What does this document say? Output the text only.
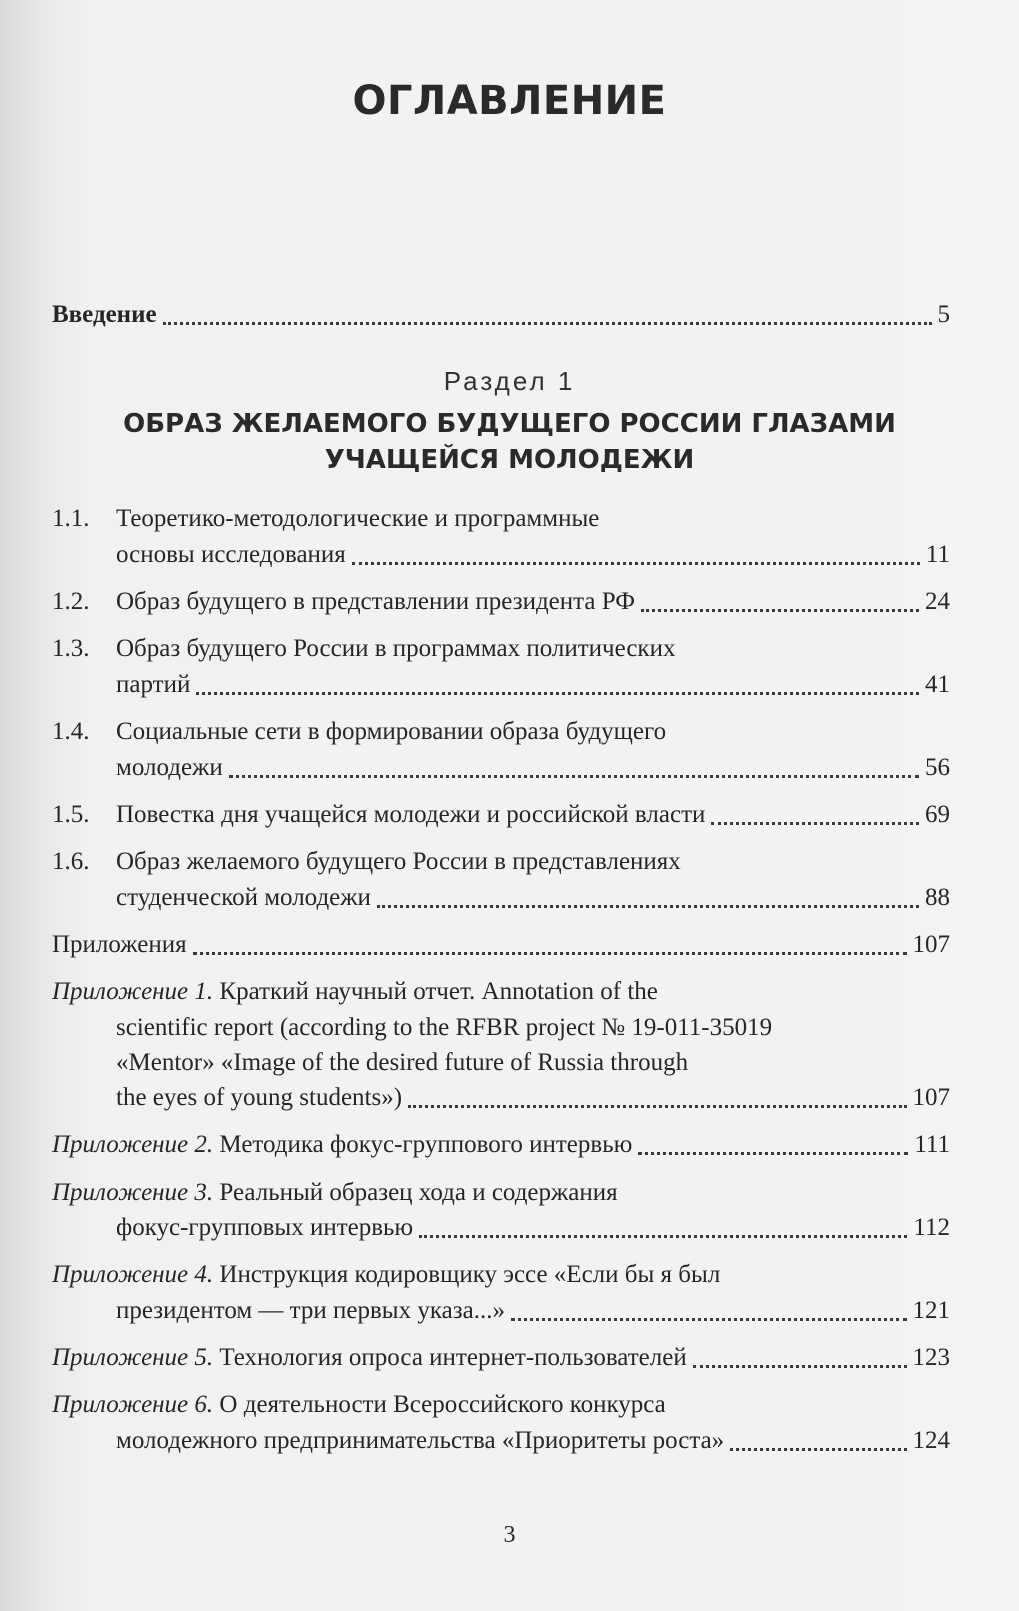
ОГЛАВЛЕНИЕ
Введение	5
Раздел 1
ОБРАЗ ЖЕЛАЕМОГО БУДУЩЕГО РОССИИ ГЛАЗАМИ
УЧАЩЕЙСЯ МОЛОДЕЖИ
1.1.	Теоретико-методологические и программные
основы исследования	11
1.2.	Образ будущего в представлении президента РФ	24
1.3.	Образ будущего России в программах политических
партий	41
1.4.	Социальные сети в формировании образа будущего
молодежи	56
1.5.	Повестка дня учащейся молодежи и российской власти	69
1.6.	Образ желаемого будущего России в представлениях
студенческой молодежи	88
Приложения	107
Приложение 1. Краткий научный отчет. Annotation of the
scientific report (according to the RFBR project № 19-011-35019
«Mentor» «Image of the desired future of Russia through
the eyes of young students»)	107
Приложение 2. Методика фокус-группового интервью	111
Приложение 3. Реальный образец хода и содержания
фокус-групповых интервью	112
Приложение 4. Инструкция кодировщику эссе «Если бы я был
президентом — три первых указа...»	121
Приложение 5. Технология опроса интернет-пользователей	123
Приложение 6. О деятельности Всероссийского конкурса
молодежного предпринимательства «Приоритеты роста»	124
3
